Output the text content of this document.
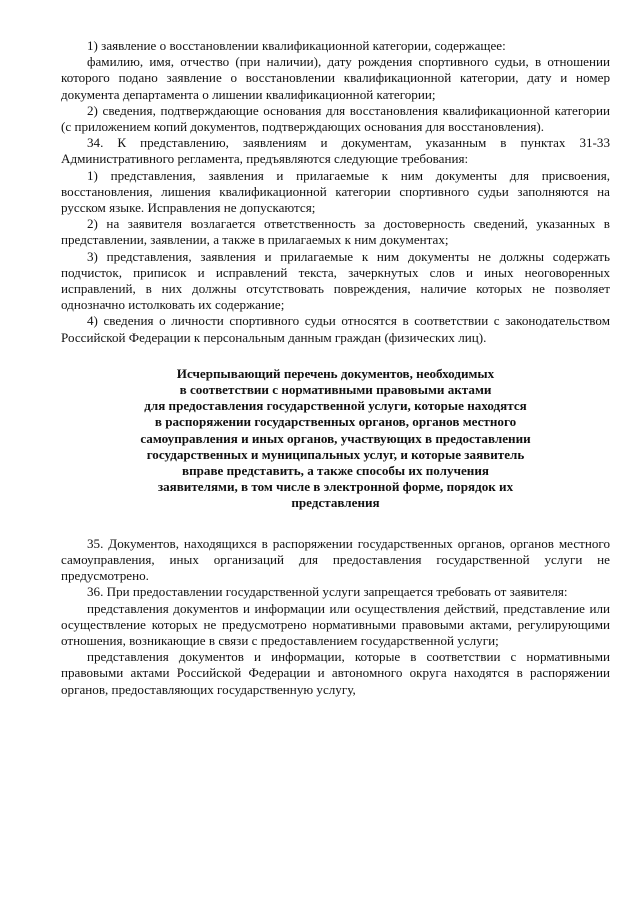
1) заявление о восстановлении квалификационной категории, содержащее:

фамилию, имя, отчество (при наличии), дату рождения спортивного судьи, в отношении которого подано заявление о восстановлении квалификационной категории, дату и номер документа департамента о лишении квалификационной категории;

2) сведения, подтверждающие основания для восстановления квалификационной категории (с приложением копий документов, подтверждающих основания для восстановления).

34. К представлению, заявлениям и документам, указанным в пунктах 31-33 Административного регламента, предъявляются следующие требования:

1) представления, заявления и прилагаемые к ним документы для присвоения, восстановления, лишения квалификационной категории спортивного судьи заполняются на русском языке. Исправления не допускаются;

2) на заявителя возлагается ответственность за достоверность сведений, указанных в представлении, заявлении, а также в прилагаемых к ним документах;

3) представления, заявления и прилагаемые к ним документы не должны содержать подчисток, приписок и исправлений текста, зачеркнутых слов и иных неоговоренных исправлений, в них должны отсутствовать повреждения, наличие которых не позволяет однозначно истолковать их содержание;

4) сведения о личности спортивного судьи относятся в соответствии с законодательством Российской Федерации к персональным данным граждан (физических лиц).

Исчерпывающий перечень документов, необходимых
в соответствии с нормативными правовыми актами
для предоставления государственной услуги, которые находятся
в распоряжении государственных органов, органов местного
самоуправления и иных органов, участвующих в предоставлении
государственных и муниципальных услуг, и которые заявитель
вправе представить, а также способы их получения
заявителями, в том числе в электронной форме, порядок их
представления

35. Документов, находящихся в распоряжении государственных органов, органов местного самоуправления, иных организаций для предоставления государственной услуги не предусмотрено.

36. При предоставлении государственной услуги запрещается требовать от заявителя:

представления документов и информации или осуществления действий, представление или осуществление которых не предусмотрено нормативными правовыми актами, регулирующими отношения, возникающие в связи с предоставлением государственной услуги;

представления документов и информации, которые в соответствии с нормативными правовыми актами Российской Федерации и автономного округа находятся в распоряжении органов, предоставляющих государственную услугу,
